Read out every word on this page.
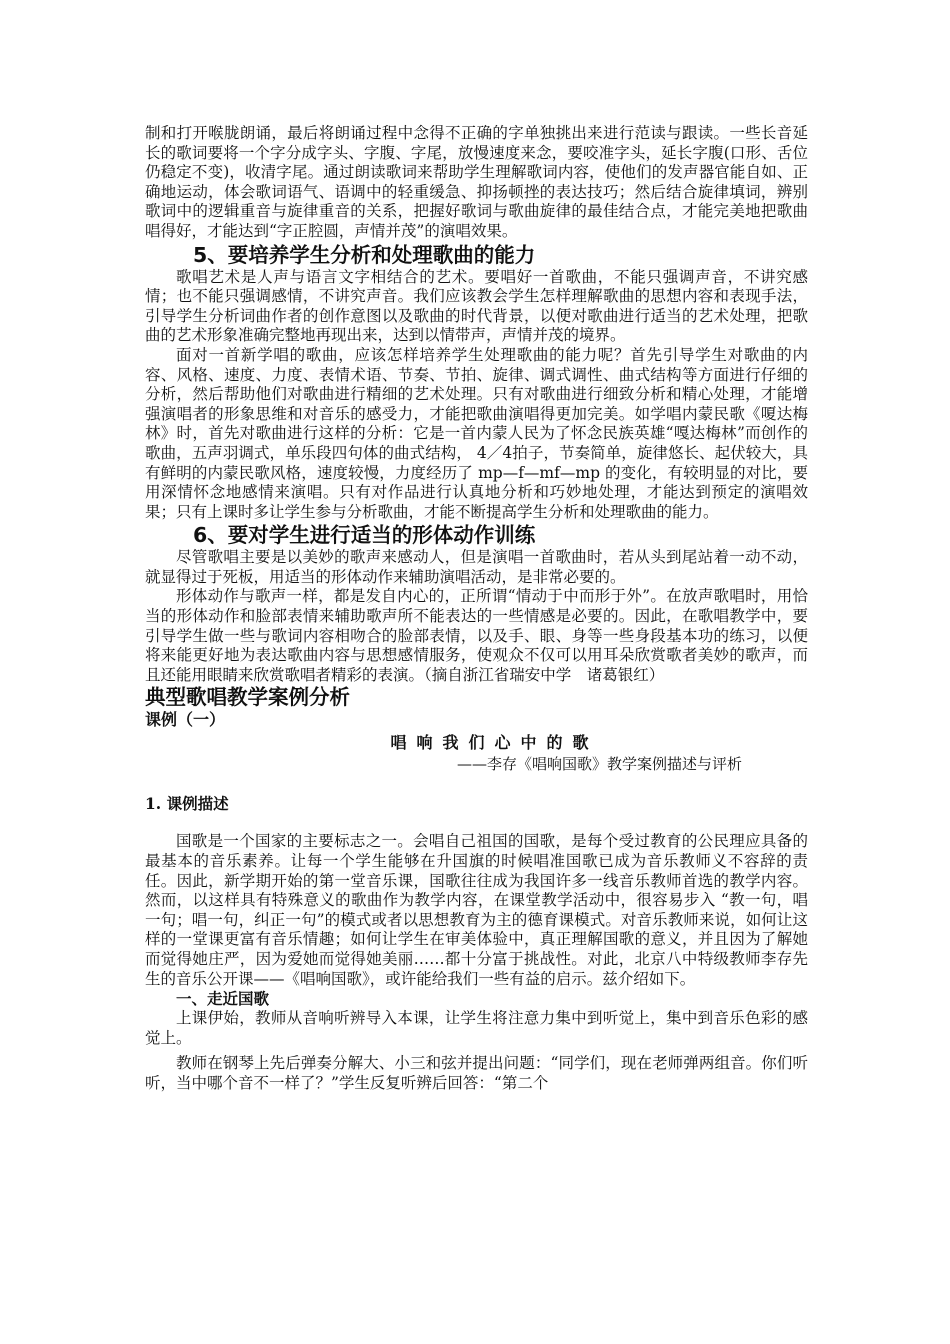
制和打开喉胧朗诵，最后将朗诵过程中念得不正确的字单独挑出来进行范读与跟读。一些长音延长的歌词要将一个字分成字头、字腹、字尾，放慢速度来念，要咬准字头，延长字腹(口形、舌位仍稳定不变)，收清字尾。通过朗读歌词来帮助学生理解歌词内容，使他们的发声器官能自如、正确地运动，体会歌词语气、语调中的轻重缓急、抑扬顿挫的表达技巧；然后结合旋律填词，辨别歌词中的逻辑重音与旋律重音的关系，把握好歌词与歌曲旋律的最佳结合点，才能完美地把歌曲唱得好，才能达到“字正腔圆，声情并茂”的演唱效果。

5、要培养学生分析和处理歌曲的能力

歌唱艺术是人声与语言文字相结合的艺术。要唱好一首歌曲，不能只强调声音，不讲究感情；也不能只强调感情，不讲究声音。我们应该教会学生怎样理解歌曲的思想内容和表现手法，引导学生分析词曲作者的创作意图以及歌曲的时代背景，以便对歌曲进行适当的艺术处理，把歌曲的艺术形象准确完整地再现出来，达到以情带声，声情并茂的境界。

面对一首新学唱的歌曲，应该怎样培养学生处理歌曲的能力呢？首先引导学生对歌曲的内容、风格、速度、力度、表情术语、节奏、节拍、旋律、调式调性、曲式结构等方面进行仔细的分析，然后帮助他们对歌曲进行精细的艺术处理。只有对歌曲进行细致分析和精心处理，才能增强演唱者的形象思维和对音乐的感受力，才能把歌曲演唱得更加完美。如学唱内蒙民歌《嗄达梅林》时，首先对歌曲进行这样的分析：它是一首内蒙人民为了怀念民族英雄“嘎达梅林”而创作的歌曲，五声羽调式，单乐段四句体的曲式结构， 4／4拍子，节奏简单，旋律悠长、起伏较大，具有鲜明的内蒙民歌风格，速度较慢，力度经历了 mp—f—mf—mp 的变化，有较明显的对比，要用深情怀念地感情来演唱。只有对作品进行认真地分析和巧妙地处理，才能达到预定的演唱效果；只有上课时多让学生参与分析歌曲，才能不断提高学生分析和处理歌曲的能力。

6、要对学生进行适当的形体动作训练

尽管歌唱主要是以美妙的歌声来感动人，但是演唱一首歌曲时，若从头到尾站着一动不动，就显得过于死板，用适当的形体动作来辅助演唱活动，是非常必要的。

形体动作与歌声一样，都是发自内心的，正所谓“情动于中而形于外”。在放声歌唱时，用恰当的形体动作和脸部表情来辅助歌声所不能表达的一些情感是必要的。因此，在歌唱教学中，要引导学生做一些与歌词内容相吻合的脸部表情，以及手、眼、身等一些身段基本功的练习，以便将来能更好地为表达歌曲内容与思想感情服务，使观众不仅可以用耳朵欣赏歌者美妙的歌声，而且还能用眼睛来欣赏歌唱者精彩的表演。（摘自浙江省瑞安中学　诸葛银红）

典型歌唱教学案例分析
课例（一）
唱响我们心中的歌
——李存《唱响国歌》教学案例描述与评析
1. 课例描述

国歌是一个国家的主要标志之一。会唱自己祖国的国歌，是每个受过教育的公民理应具备的最基本的音乐素养。让每一个学生能够在升国旗的时候唱准国歌已成为音乐教师义不容辞的责任。因此，新学期开始的第一堂音乐课，国歌往往成为我国许多一线音乐教师首选的教学内容。然而，以这样具有特殊意义的歌曲作为教学内容，在课堂教学活动中，很容易步入 “教一句，唱一句；唱一句，纠正一句”的模式或者以思想教育为主的德育课模式。对音乐教师来说，如何让这样的一堂课更富有音乐情趣；如何让学生在审美体验中，真正理解国歌的意义，并且因为了解她而觉得她庄严，因为爱她而觉得她美丽……都十分富于挑战性。对此，北京八中特级教师李存先生的音乐公开课——《唱响国歌》，或许能给我们一些有益的启示。兹介绍如下。

一、走近国歌

上课伊始，教师从音响听辨导入本课，让学生将注意力集中到听觉上，集中到音乐色彩的感觉上。

教师在钢琴上先后弹奏分解大、小三和弦并提出问题：“同学们，现在老师弹两组音。你们听听，当中哪个音不一样了？”学生反复听辨后回答：“第二个
